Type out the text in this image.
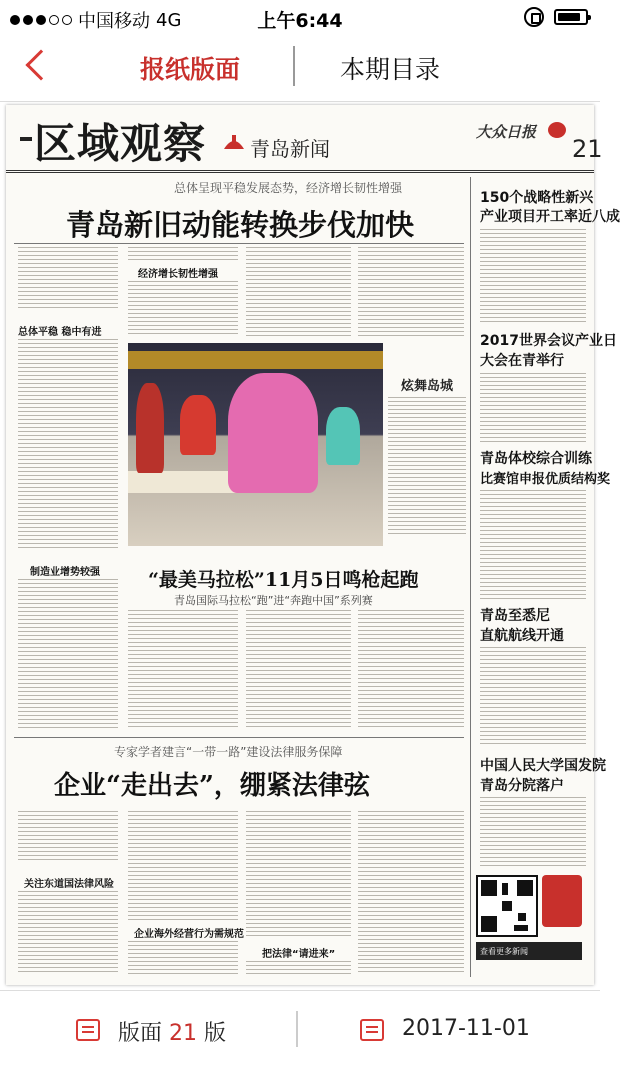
中国移动 4G	上午6:44
报纸版面	本期目录
区域观察 青岛新闻
大众日报
21
总体呈现平稳发展态势，经济增长韧性增强
青岛新旧动能转换步伐加快
总体平稳 稳中有进
经济增长韧性增强
制造业增势较强
炫舞岛城
“最美马拉松”11月5日鸣枪起跑
青岛国际马拉松“跑”进“奔跑中国”系列赛
专家学者建言“一带一路”建设法律服务保障
企业“走出去”，绷紧法律弦
关注东道国法律风险
企业海外经营行为需规范
把法律“请进来”
150个战略性新兴
产业项目开工率近八成
2017世界会议产业日
大会在青举行
青岛体校综合训练
比赛馆申报优质结构奖
青岛至悉尼
直航航线开通
中国人民大学国发院
青岛分院落户
查看更多新闻
版面 21 版	2017-11-01
